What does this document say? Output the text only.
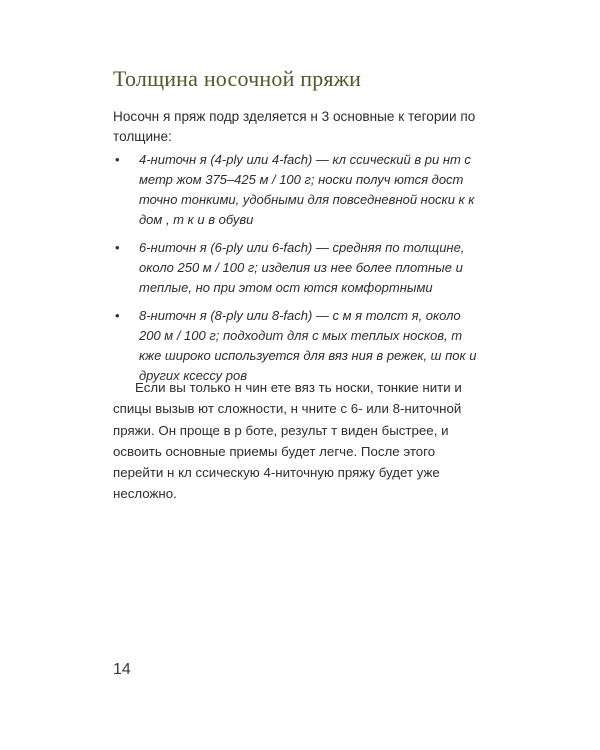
Толщина носочной пряжи

Носочн я пряж подр зделяется н 3 основные к тегории по толщине:

• 4-ниточн я (4-ply или 4-fach) — кл ссический в ри нт с метр жом 375–425 м / 100 г; носки получ ются дост точно тонкими, удобными для повседневной носки к к дом , т к и в обуви
• 6-ниточн я (6-ply или 6-fach) — средняя по толщине, около 250 м / 100 г; изделия из нее более плотные и теплые, но при этом ост ются комфортными
• 8-ниточн я (8-ply или 8-fach) — с м я толст я, около 200 м / 100 г; подходит для с мых теплых носков, т кже широко используется для вяз ния в режек, ш пок и других ксессу ров

Если вы только н чин ете вяз ть носки, тонкие нити и спицы вызыв ют сложности, н чните с 6- или 8-ниточной пряжи. Он проще в р боте, результ т виден быстрее, и освоить основные приемы будет легче. После этого перейти н кл ссическую 4-ниточную пряжу будет уже несложно.

14
